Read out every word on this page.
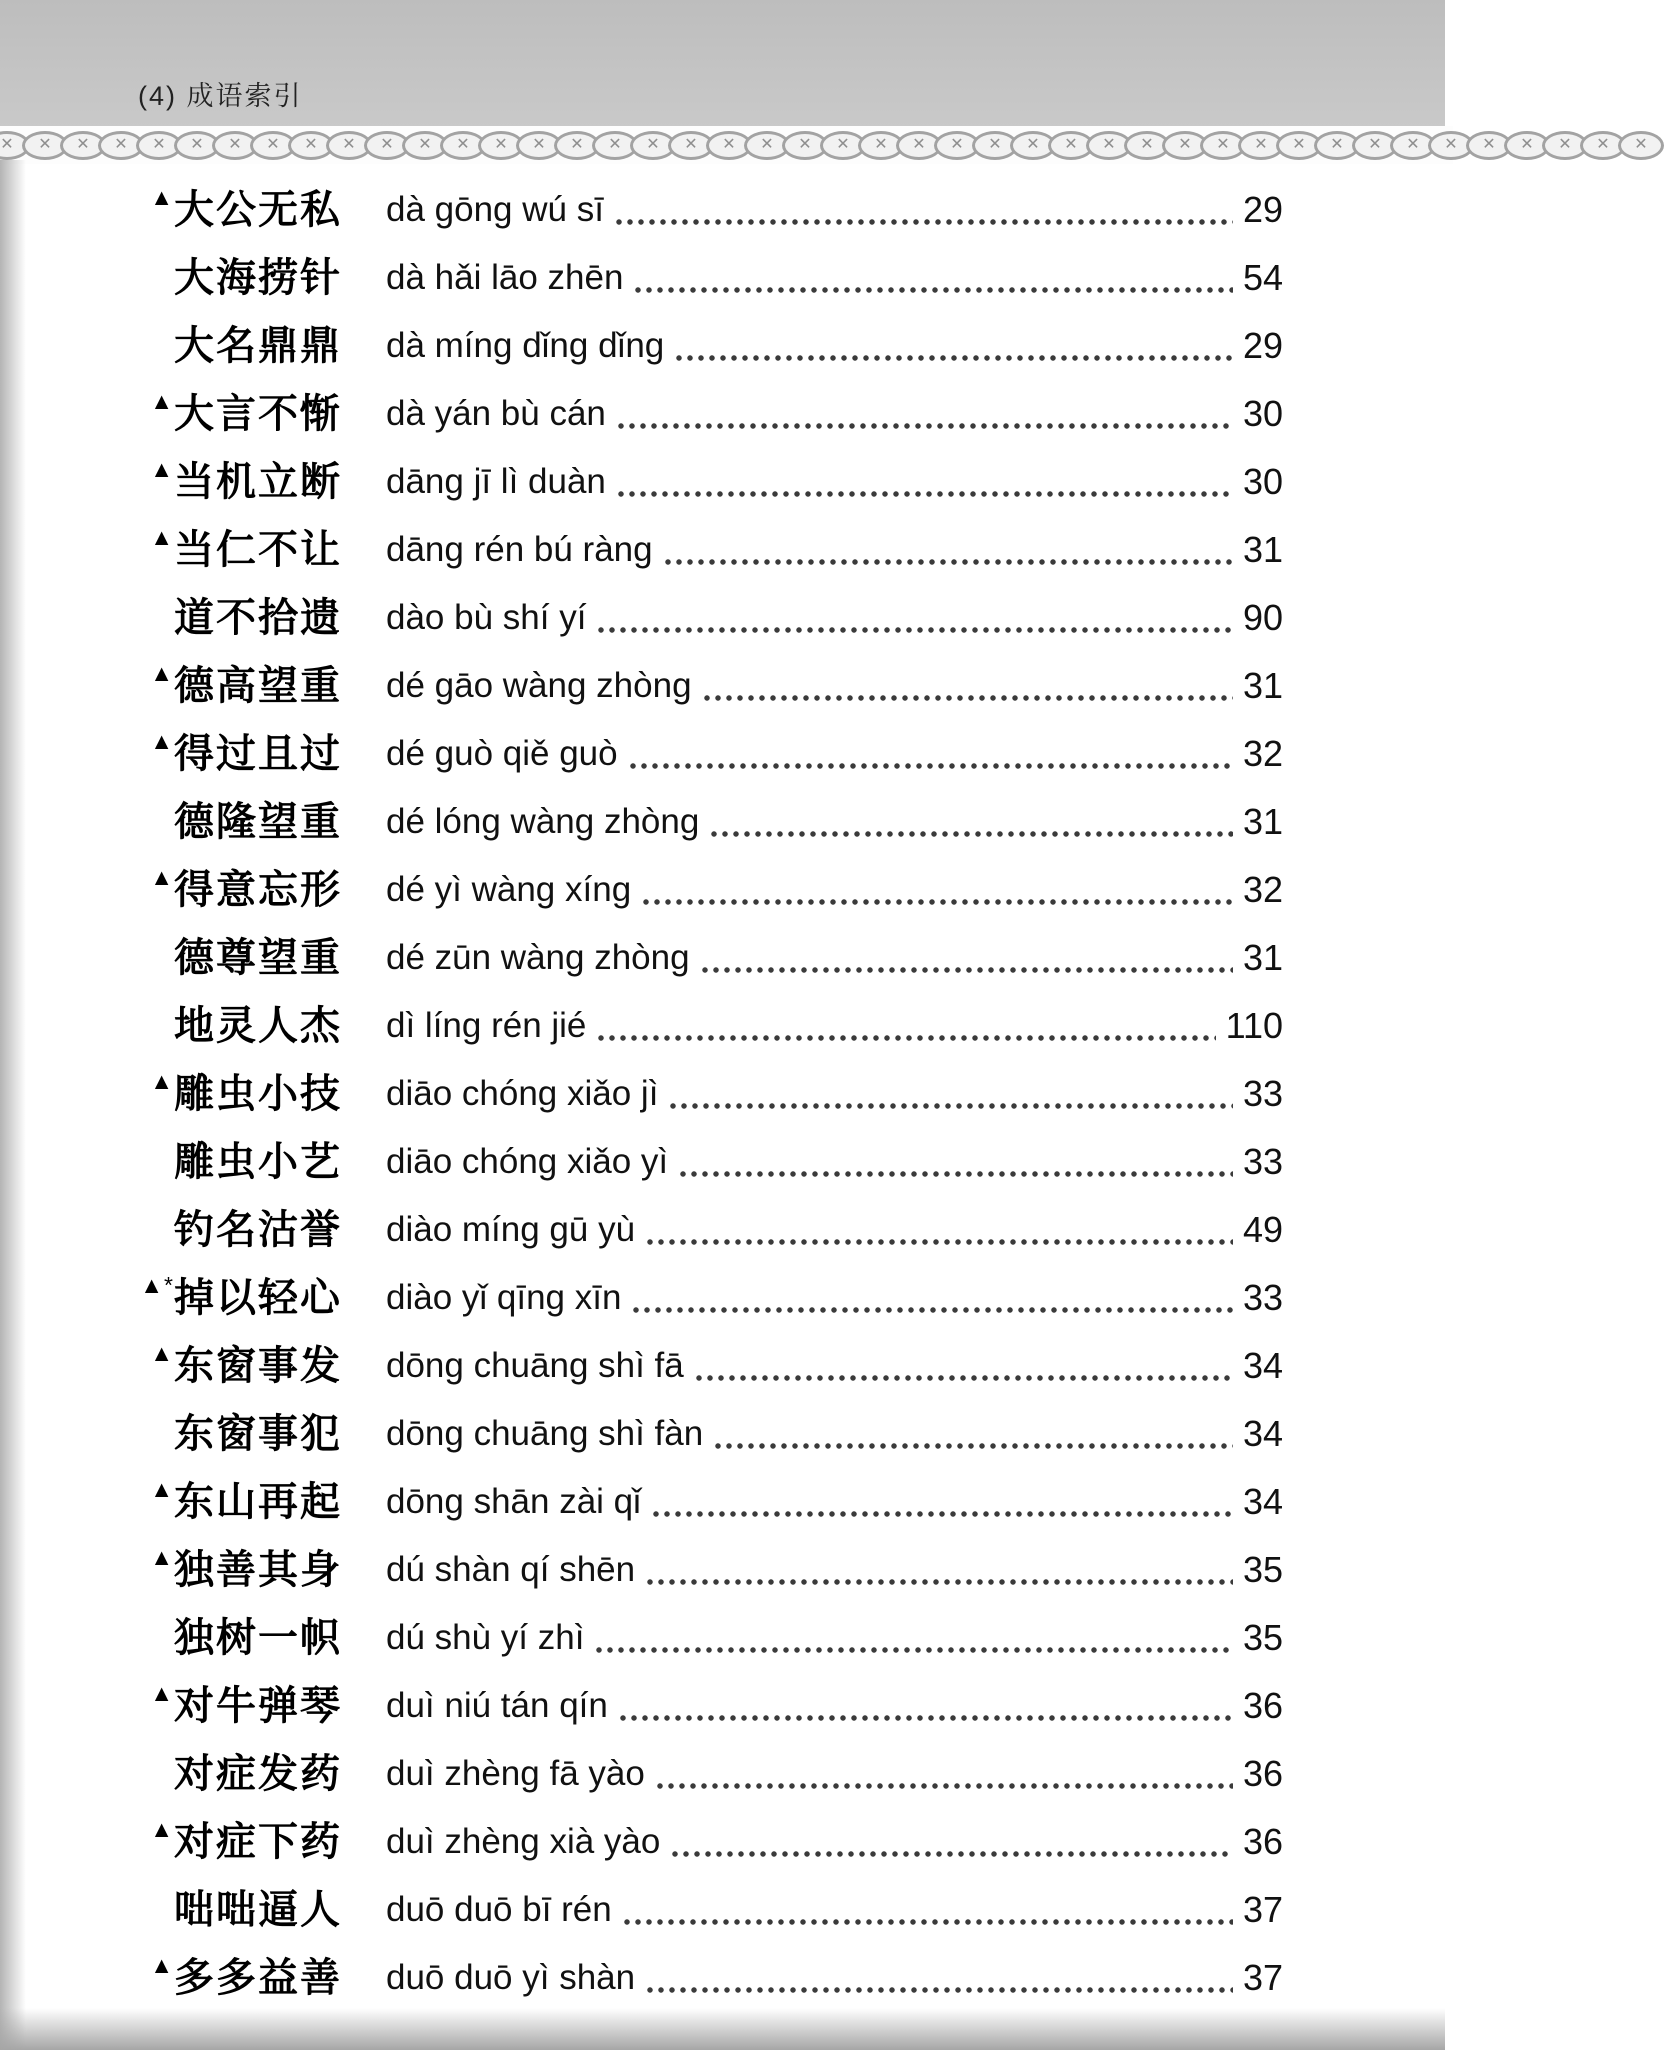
(4) 成语索引
✕	✕	✕	✕	✕	✕	✕	✕	✕	✕	✕	✕	✕	✕	✕	✕	✕	✕	✕	✕	✕	✕	✕	✕	✕	✕	✕	✕	✕	✕	✕	✕	✕	✕	✕	✕	✕	✕	✕	✕	✕	✕	✕	✕
▲ 大公无私	dà gōng wú sī	29
大海捞针	dà hǎi lāo zhēn	54
大名鼎鼎	dà míng dǐng dǐng	29
▲ 大言不惭	dà yán bù cán	30
▲ 当机立断	dāng jī lì duàn	30
▲ 当仁不让	dāng rén bú ràng	31
道不拾遗	dào bù shí yí	90
▲ 德高望重	dé gāo wàng zhòng	31
▲ 得过且过	dé guò qiě guò	32
德隆望重	dé lóng wàng zhòng	31
▲ 得意忘形	dé yì wàng xíng	32
德尊望重	dé zūn wàng zhòng	31
地灵人杰	dì líng rén jié	110
▲ 雕虫小技	diāo chóng xiǎo jì	33
雕虫小艺	diāo chóng xiǎo yì	33
钓名沽誉	diào míng gū yù	49
▲* 掉以轻心	diào yǐ qīng xīn	33
▲ 东窗事发	dōng chuāng shì fā	34
东窗事犯	dōng chuāng shì fàn	34
▲ 东山再起	dōng shān zài qǐ	34
▲ 独善其身	dú shàn qí shēn	35
独树一帜	dú shù yí zhì	35
▲ 对牛弹琴	duì niú tán qín	36
对症发药	duì zhèng fā yào	36
▲ 对症下药	duì zhèng xià yào	36
咄咄逼人	duō duō bī rén	37
▲ 多多益善	duō duō yì shàn	37
